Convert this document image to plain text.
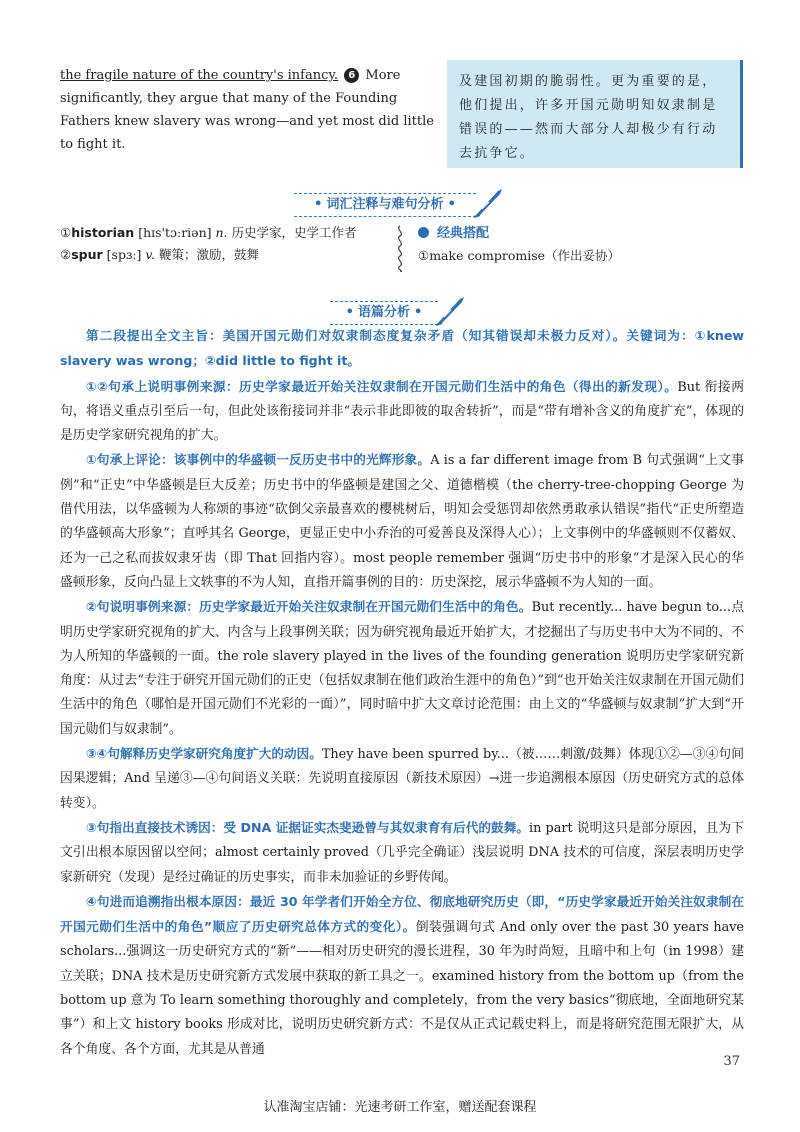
the fragile nature of the country's infancy. 6 More significantly, they argue that many of the Founding Fathers knew slavery was wrong—and yet most did little to fight it.
及建国初期的脆弱性。更为重要的是，他们提出，许多开国元勋明知奴隶制是错误的——然而大部分人却极少有行动去抗争它。
• 词汇注释与难句分析 •
①historian [hɪs'tɔːriən] n. 历史学家，史学工作者
②spur [spɜː] v. 鞭策；激励，鼓舞
经典搭配
①make compromise（作出妥协）
• 语篇分析 •

第二段提出全文主旨：美国开国元勋们对奴隶制态度复杂矛盾（知其错误却未极力反对）。关键词为：①knew slavery was wrong；②did little to fight it。

①②句承上说明事例来源：历史学家最近开始关注奴隶制在开国元勋们生活中的角色（得出的新发现）。But 衔接两句，将语义重点引至后一句，但此处该衔接词并非“表示非此即彼的取舍转折”，而是“带有增补含义的角度扩充”，体现的是历史学家研究视角的扩大。

①句承上评论：该事例中的华盛顿一反历史书中的光辉形象。A is a far different image from B 句式强调“上文事例”和“正史”中华盛顿是巨大反差；历史书中的华盛顿是建国之父、道德楷模（the cherry-tree-chopping George 为借代用法，以华盛顿为人称颂的事迹“砍倒父亲最喜欢的樱桃树后，明知会受惩罚却依然勇敢承认错误”指代“正史所塑造的华盛顿高大形象”；直呼其名 George，更显正史中小乔治的可爱善良及深得人心）；上文事例中的华盛顿则不仅蓄奴、还为一己之私而拔奴隶牙齿（即 That 回指内容）。most people remember 强调“历史书中的形象”才是深入民心的华盛顿形象，反向凸显上文轶事的不为人知，直指开篇事例的目的：历史深挖，展示华盛顿不为人知的一面。

②句说明事例来源：历史学家最近开始关注奴隶制在开国元勋们生活中的角色。But recently... have begun to...点明历史学家研究视角的扩大、内含与上段事例关联；因为研究视角最近开始扩大，才挖掘出了与历史书中大为不同的、不为人所知的华盛顿的一面。the role slavery played in the lives of the founding generation 说明历史学家研究新角度：从过去“专注于研究开国元勋们的正史（包括奴隶制在他们政治生涯中的角色）”到“也开始关注奴隶制在开国元勋们生活中的角色（哪怕是开国元勋们不光彩的一面）”，同时暗中扩大文章讨论范围：由上文的“华盛顿与奴隶制”扩大到“开国元勋们与奴隶制”。

③④句解释历史学家研究角度扩大的动因。They have been spurred by...（被……刺激/鼓舞）体现①②—③④句间因果逻辑；And 呈递③—④句间语义关联：先说明直接原因（新技术原因）→进一步追溯根本原因（历史研究方式的总体转变）。

③句指出直接技术诱因：受 DNA 证据证实杰斐逊曾与其奴隶育有后代的鼓舞。in part 说明这只是部分原因，且为下文引出根本原因留以空间；almost certainly proved（几乎完全确证）浅层说明 DNA 技术的可信度，深层表明历史学家新研究（发现）是经过确证的历史事实，而非未加验证的乡野传闻。

④句进而追溯指出根本原因：最近 30 年学者们开始全方位、彻底地研究历史（即，“历史学家最近开始关注奴隶制在开国元勋们生活中的角色”顺应了历史研究总体方式的变化）。倒装强调句式 And only over the past 30 years have scholars...强调这一历史研究方式的“新”——相对历史研究的漫长进程，30 年为时尚短，且暗中和上句（in 1998）建立关联；DNA 技术是历史研究新方式发展中获取的新工具之一。examined history from the bottom up（from the bottom up 意为 To learn something thoroughly and completely，from the very basics“彻底地，全面地研究某事”）和上文 history books 形成对比，说明历史研究新方式：不是仅从正式记载史料上，而是将研究范围无限扩大，从各个角度、各个方面，尤其是从普通

37
认准淘宝店铺：光速考研工作室，赠送配套课程
